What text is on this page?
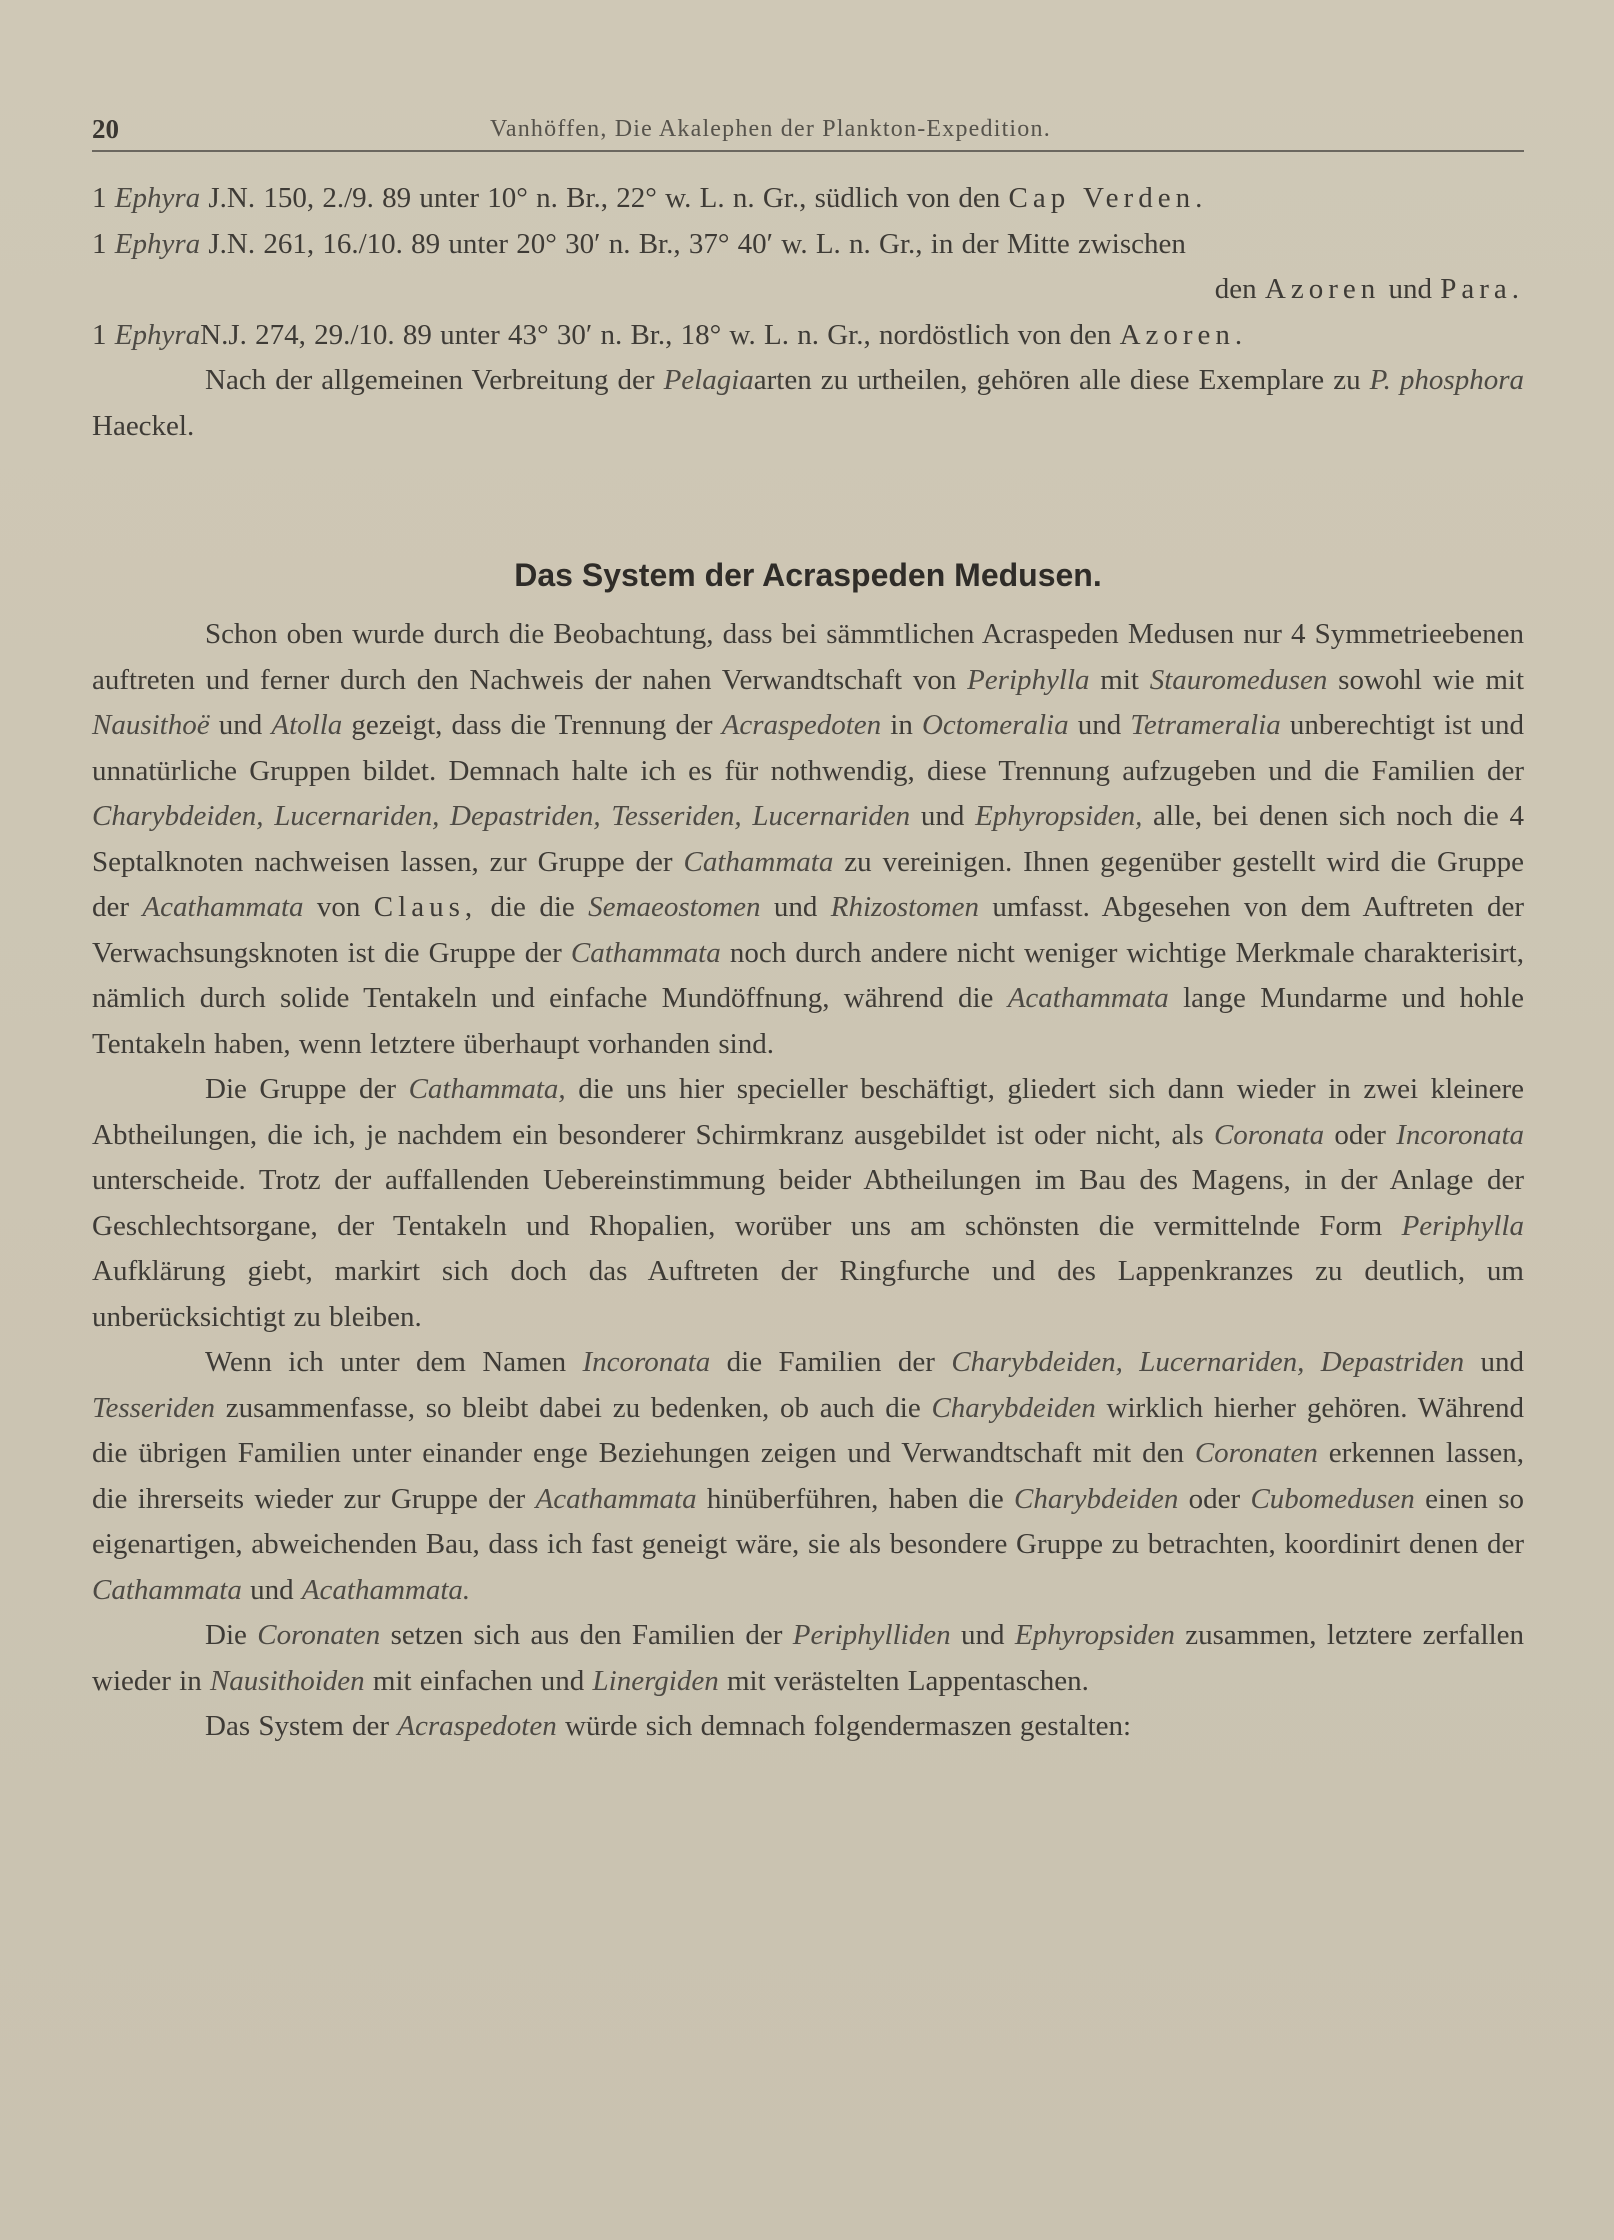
20	Vanhöffen, Die Akalephen der Plankton-Expedition.

1 Ephyra J.N. 150, 2./9. 89 unter 10° n. Br., 22° w. L. n. Gr., südlich von den Cap Verden.

1 Ephyra J.N. 261, 16./10. 89 unter 20° 30′ n. Br., 37° 40′ w. L. n. Gr., in der Mitte zwischen

den Azoren und Para.

1 EphyraN.J. 274, 29./10. 89 unter 43° 30′ n. Br., 18° w. L. n. Gr., nordöstlich von den Azoren.

Nach der allgemeinen Verbreitung der Pelagiaarten zu urtheilen, gehören alle diese Exemplare zu P. phosphora Haeckel.

Das System der Acraspeden Medusen.

Schon oben wurde durch die Beobachtung, dass bei sämmtlichen Acraspeden Medusen nur 4 Symmetrieebenen auftreten und ferner durch den Nachweis der nahen Verwandtschaft von Periphylla mit Stauromedusen sowohl wie mit Nausithoë und Atolla gezeigt, dass die Trennung der Acraspedoten in Octomeralia und Tetrameralia unberechtigt ist und unnatürliche Gruppen bildet. Demnach halte ich es für nothwendig, diese Trennung aufzugeben und die Familien der Charybdeiden, Lucernariden, Depastriden, Tesseriden, Lucernariden und Ephyropsiden, alle, bei denen sich noch die 4 Septalknoten nachweisen lassen, zur Gruppe der Cathammata zu vereinigen. Ihnen gegenüber gestellt wird die Gruppe der Acathammata von Claus, die die Semaeostomen und Rhizostomen umfasst. Abgesehen von dem Auftreten der Verwachsungsknoten ist die Gruppe der Cathammata noch durch andere nicht weniger wichtige Merkmale charakterisirt, nämlich durch solide Tentakeln und einfache Mundöffnung, während die Acathammata lange Mundarme und hohle Tentakeln haben, wenn letztere überhaupt vorhanden sind.

Die Gruppe der Cathammata, die uns hier specieller beschäftigt, gliedert sich dann wieder in zwei kleinere Abtheilungen, die ich, je nachdem ein besonderer Schirmkranz ausgebildet ist oder nicht, als Coronata oder Incoronata unterscheide. Trotz der auffallenden Uebereinstimmung beider Abtheilungen im Bau des Magens, in der Anlage der Geschlechtsorgane, der Tentakeln und Rhopalien, worüber uns am schönsten die vermittelnde Form Periphylla Aufklärung giebt, markirt sich doch das Auftreten der Ringfurche und des Lappenkranzes zu deutlich, um unberücksichtigt zu bleiben.

Wenn ich unter dem Namen Incoronata die Familien der Charybdeiden, Lucernariden, Depastriden und Tesseriden zusammenfasse, so bleibt dabei zu bedenken, ob auch die Charybdeiden wirklich hierher gehören. Während die übrigen Familien unter einander enge Beziehungen zeigen und Verwandtschaft mit den Coronaten erkennen lassen, die ihrerseits wieder zur Gruppe der Acathammata hinüberführen, haben die Charybdeiden oder Cubomedusen einen so eigenartigen, abweichenden Bau, dass ich fast geneigt wäre, sie als besondere Gruppe zu betrachten, koordinirt denen der Cathammata und Acathammata.

Die Coronaten setzen sich aus den Familien der Periphylliden und Ephyropsiden zusammen, letztere zerfallen wieder in Nausithoiden mit einfachen und Linergiden mit verästelten Lappentaschen.

Das System der Acraspedoten würde sich demnach folgendermaszen gestalten:
